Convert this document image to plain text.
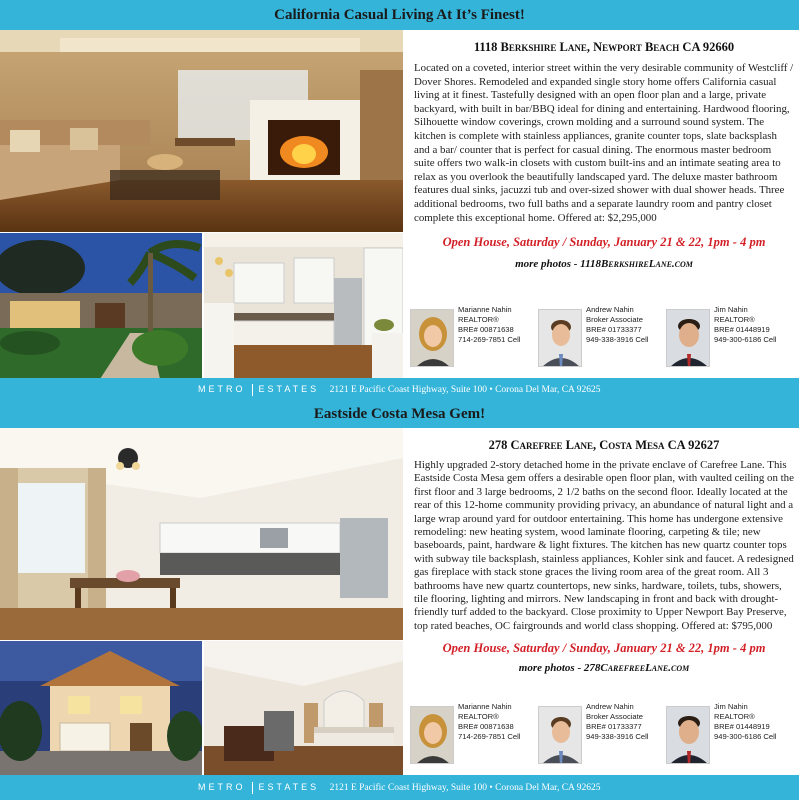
California Casual Living At It’s Finest!
1118 Berkshire Lane, Newport Beach CA 92660
Located on a coveted, interior street within the very desirable community of Westcliff / Dover Shores. Remodeled and expanded single story home offers California casual living at it finest. Tastefully designed with an open floor plan and a large, private backyard, with built in bar/BBQ ideal for dining and entertaining. Hardwood flooring, Silhouette window coverings, crown molding and a surround sound system. The kitchen is complete with stainless appliances, granite counter tops, slate backsplash and a bar/ counter that is perfect for casual dining. The enormous master bedroom suite offers two walk-in closets with custom built-ins and an intimate seating area to relax as you overlook the beautifully landscaped yard. The deluxe master bathroom features dual sinks, jacuzzi tub and over-sized shower with dual shower heads. Three additional bedrooms, two full baths and a separate laundry room and pantry closet complete this exceptional home. Offered at: $2,295,000
Open House, Saturday / Sunday, January 21 & 22, 1pm - 4 pm
more photos - 1118BerkshireLane.com
Marianne Nahin
REALTOR®
BRE# 00871638
714-269-7851 Cell
Andrew Nahin
Broker Associate
BRE# 01733377
949-338-3916 Cell
Jim Nahin
REALTOR®
BRE# 01448919
949-300-6186 Cell
METRO ESTATES 2121 E Pacific Coast Highway, Suite 100 • Corona Del Mar, CA 92625
Eastside Costa Mesa Gem!
278 Carefree Lane, Costa Mesa CA 92627
Highly upgraded 2-story detached home in the private enclave of Carefree Lane. This Eastside Costa Mesa gem offers a desirable open floor plan, with vaulted ceiling on the first floor and 3 large bedrooms, 2 1/2 baths on the second floor. Ideally located at the rear of this 12-home community providing privacy, an abundance of natural light and a large wrap around yard for outdoor entertaining. This home has undergone extensive remodeling: new heating system, wood laminate flooring, carpeting & tile; new baseboards, paint, hardware & light fixtures. The kitchen has new quartz counter tops with subway tile backsplash, stainless appliances, Kohler sink and faucet. A redesigned gas fireplace with stack stone graces the living room area of the great room. All 3 bathrooms have new quartz countertops, new sinks, hardware, toilets, tubs, showers, tile flooring, lighting and mirrors. New landscaping in front and back with drought-friendly turf added to the backyard. Close proximity to Upper Newport Bay Preserve, top rated beaches, OC fairgrounds and world class shopping. Offered at: $795,000
Open House, Saturday / Sunday, January 21 & 22, 1pm - 4 pm
more photos - 278CarefreeLane.com
Marianne Nahin
REALTOR®
BRE# 00871638
714-269-7851 Cell
Andrew Nahin
Broker Associate
BRE# 01733377
949-338-3916 Cell
Jim Nahin
REALTOR®
BRE# 01448919
949-300-6186 Cell
METRO ESTATES 2121 E Pacific Coast Highway, Suite 100 • Corona Del Mar, CA 92625
